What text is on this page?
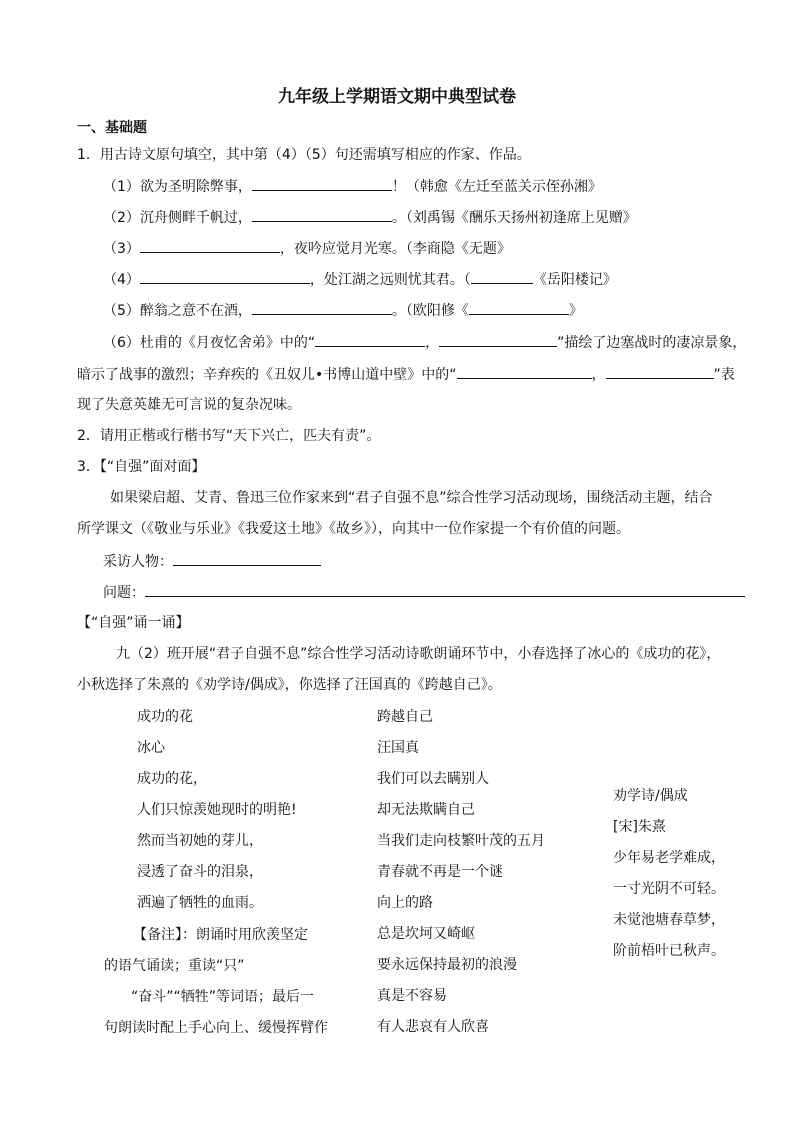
九年级上学期语文期中典型试卷
一、基础题
1．用古诗文原句填空，其中第（4）（5）句还需填写相应的作家、作品。
（1）欲为圣明除弊事，	！（韩愈《左迁至蓝关示侄孙湘》
（2）沉舟侧畔千帆过，	。（刘禹锡《酬乐天扬州初逢席上见赠》
（3）	，夜吟应觉月光寒。（李商隐《无题》
（4）	，处江湖之远则忧其君。（	《岳阳楼记》
（5）醉翁之意不在酒，	。（欧阳修《	》
（6）杜甫的《月夜忆舍弟》中的“	，	”描绘了边塞战时的凄凉景象，
暗示了战事的激烈；辛弃疾的《丑奴儿•书博山道中壁》中的“	，	”表
现了失意英雄无可言说的复杂况味。
2．请用正楷或行楷书写“天下兴亡，匹夫有责”。
3．【“自强”面对面】
如果梁启超、艾青、鲁迅三位作家来到“君子自强不息”综合性学习活动现场，围绕活动主题，结合
所学课文（《敬业与乐业》《我爱这土地》《故乡》），向其中一位作家提一个有价值的问题。
采访人物：
问题：
【“自强”诵一诵】
九（2）班开展“君子自强不息”综合性学习活动诗歌朗诵环节中，小春选择了冰心的《成功的花》，
小秋选择了朱熹的《劝学诗/偶成》，你选择了汪国真的《跨越自己》。
成功的花
冰心
成功的花，
人们只惊羡她现时的明艳!
然而当初她的芽儿，
浸透了奋斗的泪泉，
洒遍了牺牲的血雨。
【备注】：朗诵时用欣羡坚定
的语气诵读；重读“只”
“奋斗”“牺牲”等词语；最后一
句朗读时配上手心向上、缓慢挥臂作
跨越自己
汪国真
我们可以去瞒别人
却无法欺瞒自己
当我们走向枝繁叶茂的五月
青春就不再是一个谜
向上的路
总是坎坷又崎岖
要永远保持最初的浪漫
真是不容易
有人悲哀有人欣喜
劝学诗/偶成
[宋]朱熹
少年易老学难成，
一寸光阴不可轻。
未觉池塘春草梦，
阶前梧叶已秋声。
